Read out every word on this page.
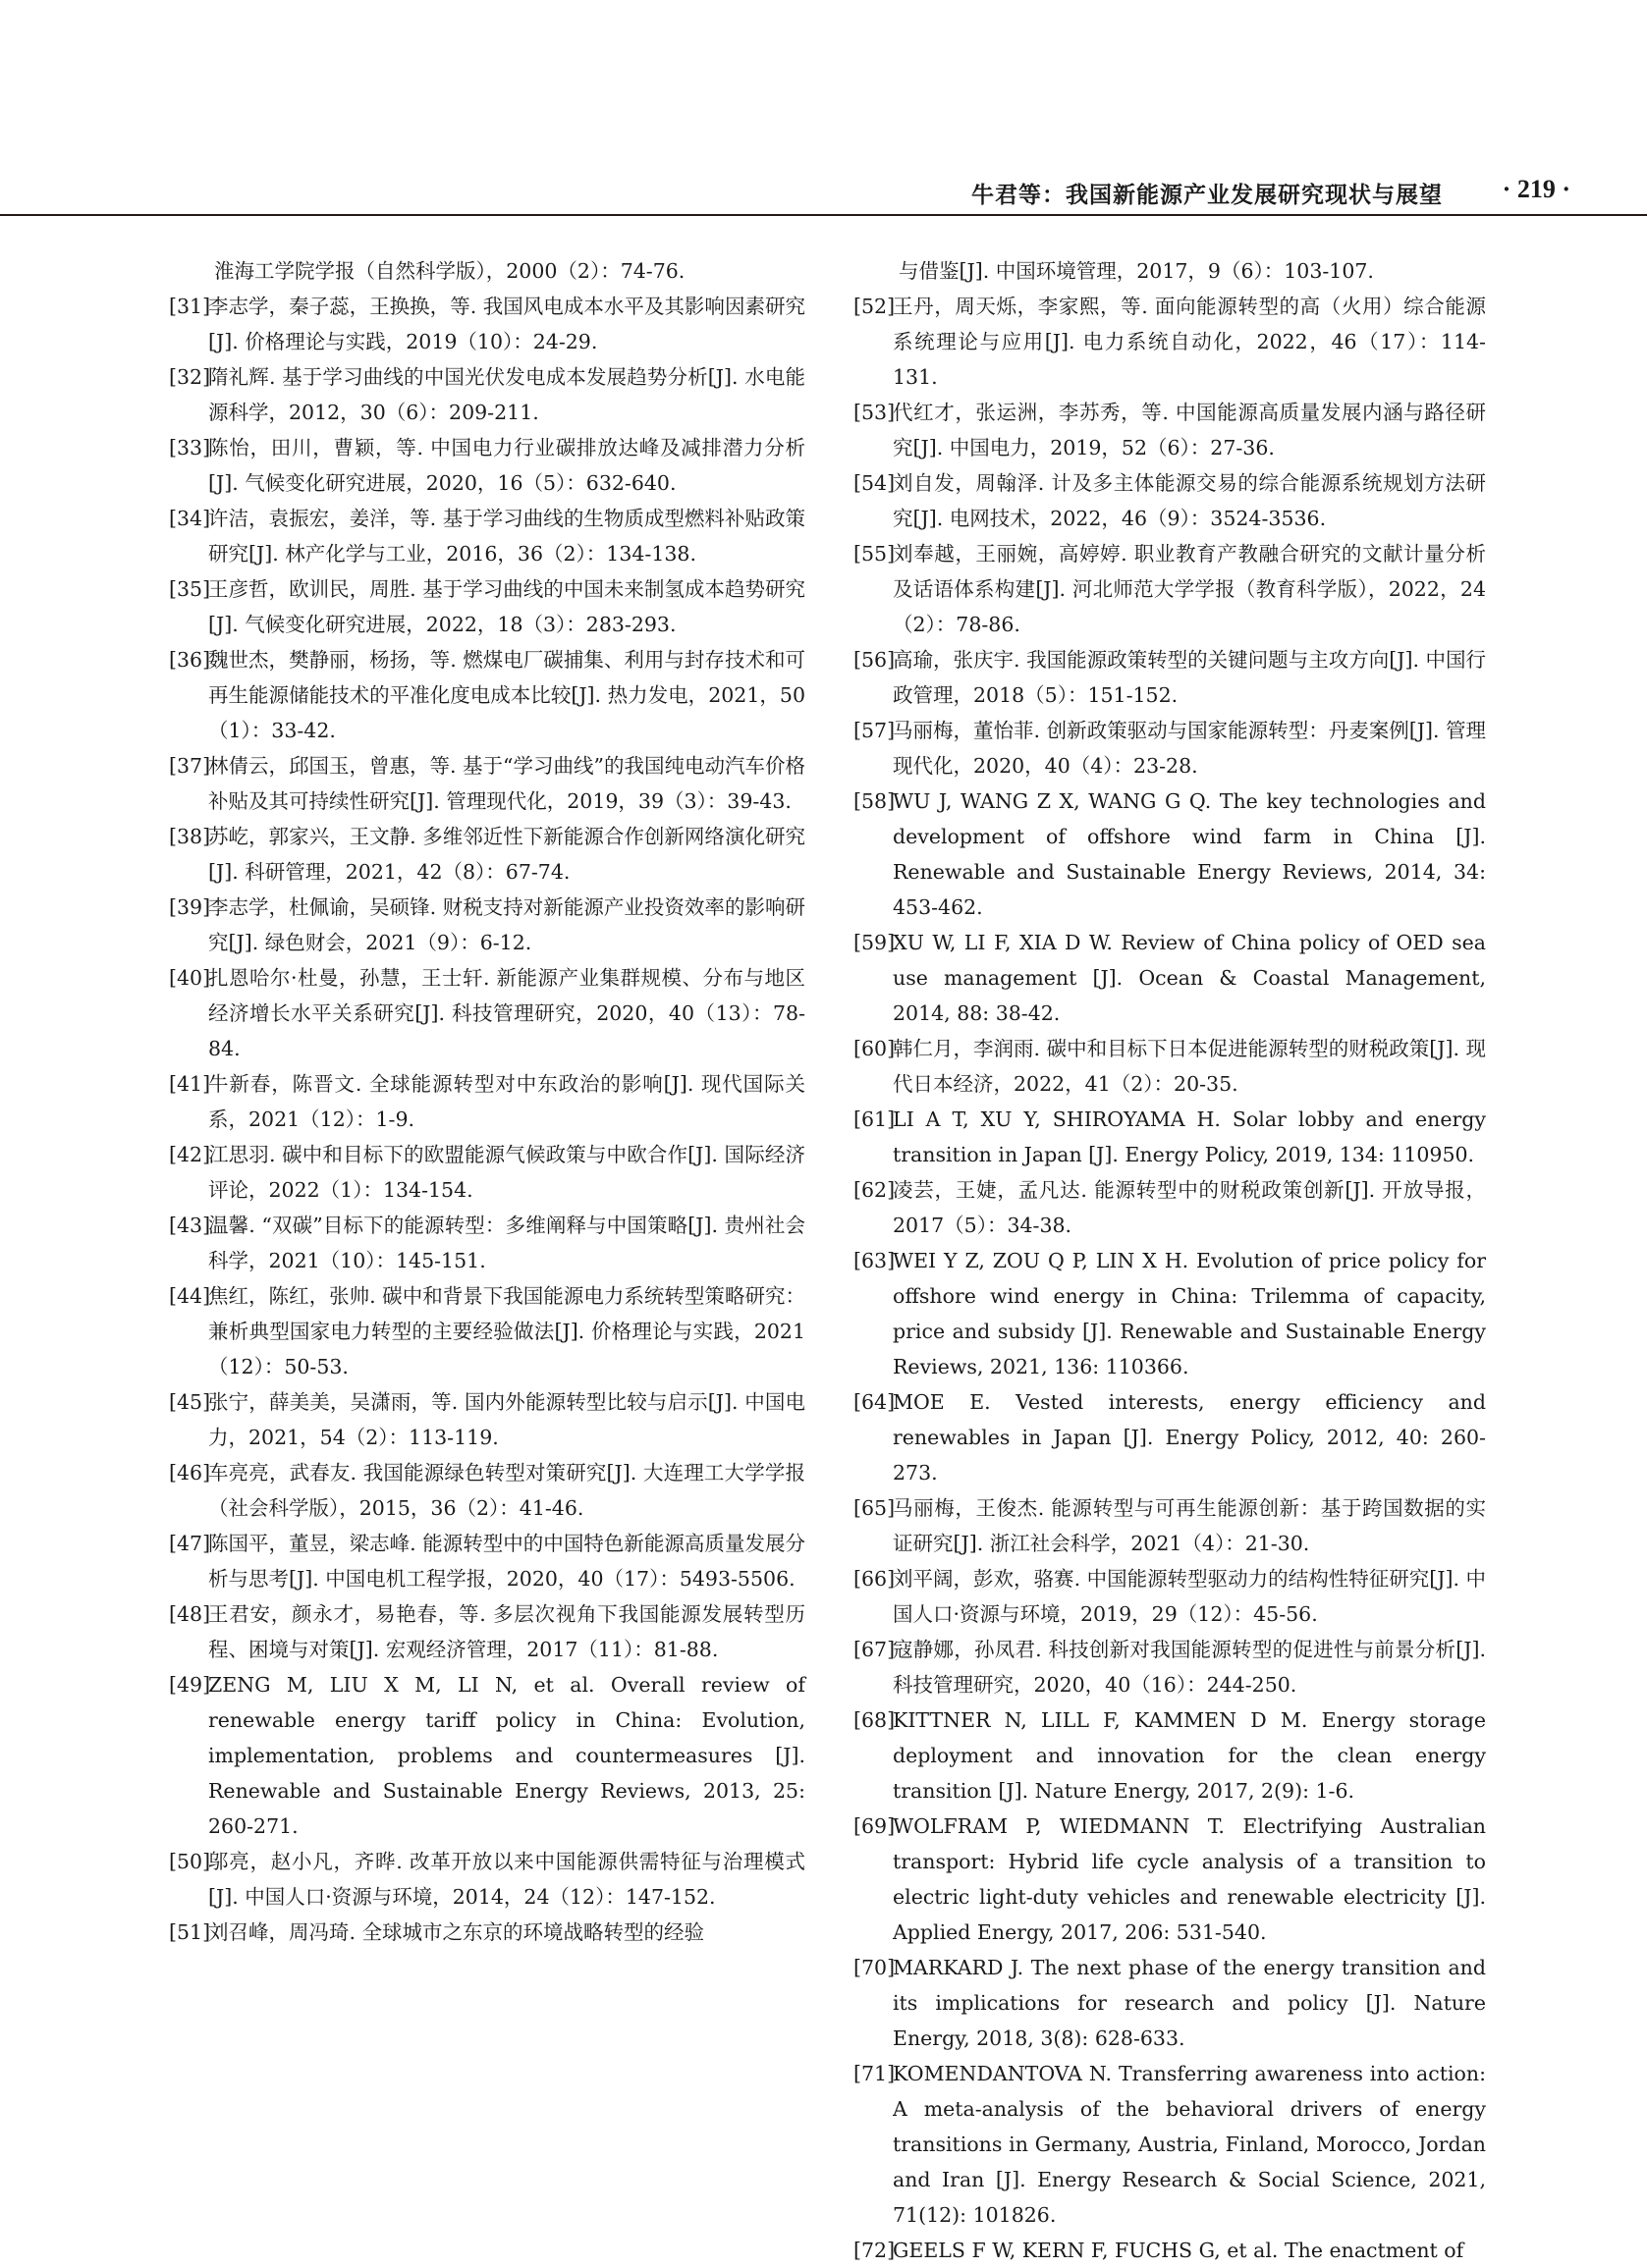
牛君等：我国新能源产业发展研究现状与展望 · 219 ·
淮海工学院学报（自然科学版），2000（2）：74-76.
[31]
李志学，秦子蕊，王换换，等. 我国风电成本水平及其影响因素研究[J]. 价格理论与实践，2019（10）：24-29.
[32]
隋礼辉. 基于学习曲线的中国光伏发电成本发展趋势分析[J]. 水电能源科学，2012，30（6）：209-211.
[33]
陈怡，田川，曹颖，等. 中国电力行业碳排放达峰及减排潜力分析[J]. 气候变化研究进展，2020，16（5）：632-640.
[34]
许洁，袁振宏，姜洋，等. 基于学习曲线的生物质成型燃料补贴政策研究[J]. 林产化学与工业，2016，36（2）：134-138.
[35]
王彦哲，欧训民，周胜. 基于学习曲线的中国未来制氢成本趋势研究[J]. 气候变化研究进展，2022，18（3）：283-293.
[36]
魏世杰，樊静丽，杨扬，等. 燃煤电厂碳捕集、利用与封存技术和可再生能源储能技术的平准化度电成本比较[J]. 热力发电，2021，50（1）：33-42.
[37]
林倩云，邱国玉，曾惠，等. 基于“学习曲线”的我国纯电动汽车价格补贴及其可持续性研究[J]. 管理现代化，2019，39（3）：39-43.
[38]
苏屹，郭家兴，王文静. 多维邻近性下新能源合作创新网络演化研究[J]. 科研管理，2021，42（8）：67-74.
[39]
李志学，杜佩谕，吴硕锋. 财税支持对新能源产业投资效率的影响研究[J]. 绿色财会，2021（9）：6-12.
[40]
扎恩哈尔·杜曼，孙慧，王士轩. 新能源产业集群规模、分布与地区经济增长水平关系研究[J]. 科技管理研究，2020，40（13）：78-84.
[41]
牛新春，陈晋文. 全球能源转型对中东政治的影响[J]. 现代国际关系，2021（12）：1-9.
[42]
江思羽. 碳中和目标下的欧盟能源气候政策与中欧合作[J]. 国际经济评论，2022（1）：134-154.
[43]
温馨. “双碳”目标下的能源转型：多维阐释与中国策略[J]. 贵州社会科学，2021（10）：145-151.
[44]
焦红，陈红，张帅. 碳中和背景下我国能源电力系统转型策略研究：兼析典型国家电力转型的主要经验做法[J]. 价格理论与实践，2021（12）：50-53.
[45]
张宁，薛美美，吴潇雨，等. 国内外能源转型比较与启示[J]. 中国电力，2021，54（2）：113-119.
[46]
车亮亮，武春友. 我国能源绿色转型对策研究[J]. 大连理工大学学报（社会科学版），2015，36（2）：41-46.
[47]
陈国平，董昱，梁志峰. 能源转型中的中国特色新能源高质量发展分析与思考[J]. 中国电机工程学报，2020，40（17）：5493-5506.
[48]
王君安，颜永才，易艳春，等. 多层次视角下我国能源发展转型历程、困境与对策[J]. 宏观经济管理，2017（11）：81-88.
[49]
ZENG M, LIU X M, LI N, et al. Overall review of renewable energy tariff policy in China: Evolution, implementation, problems and countermeasures [J]. Renewable and Sustainable Energy Reviews, 2013, 25: 260-271.
[50]
邬亮，赵小凡，齐晔. 改革开放以来中国能源供需特征与治理模式[J]. 中国人口·资源与环境，2014，24（12）：147-152.
[51]
刘召峰，周冯琦. 全球城市之东京的环境战略转型的经验
与借鉴[J]. 中国环境管理，2017，9（6）：103-107.
[52]
王丹，周天烁，李家熙，等. 面向能源转型的高（火用）综合能源系统理论与应用[J]. 电力系统自动化，2022，46（17）：114-131.
[53]
代红才，张运洲，李苏秀，等. 中国能源高质量发展内涵与路径研究[J]. 中国电力，2019，52（6）：27-36.
[54]
刘自发，周翰泽. 计及多主体能源交易的综合能源系统规划方法研究[J]. 电网技术，2022，46（9）：3524-3536.
[55]
刘奉越，王丽婉，高婷婷. 职业教育产教融合研究的文献计量分析及话语体系构建[J]. 河北师范大学学报（教育科学版），2022，24（2）：78-86.
[56]
高瑜，张庆宇. 我国能源政策转型的关键问题与主攻方向[J]. 中国行政管理，2018（5）：151-152.
[57]
马丽梅，董怡菲. 创新政策驱动与国家能源转型：丹麦案例[J]. 管理现代化，2020，40（4）：23-28.
[58]
WU J, WANG Z X, WANG G Q. The key technologies and development of offshore wind farm in China [J]. Renewable and Sustainable Energy Reviews, 2014, 34: 453-462.
[59]
XU W, LI F, XIA D W. Review of China policy of OED sea use management [J]. Ocean & Coastal Management, 2014, 88: 38-42.
[60]
韩仁月，李润雨. 碳中和目标下日本促进能源转型的财税政策[J]. 现代日本经济，2022，41（2）：20-35.
[61]
LI A T, XU Y, SHIROYAMA H. Solar lobby and energy transition in Japan [J]. Energy Policy, 2019, 134: 110950.
[62]
凌芸，王婕，孟凡达. 能源转型中的财税政策创新[J]. 开放导报，2017（5）：34-38.
[63]
WEI Y Z, ZOU Q P, LIN X H. Evolution of price policy for offshore wind energy in China: Trilemma of capacity, price and subsidy [J]. Renewable and Sustainable Energy Reviews, 2021, 136: 110366.
[64]
MOE E. Vested interests, energy efficiency and renewables in Japan [J]. Energy Policy, 2012, 40: 260-273.
[65]
马丽梅，王俊杰. 能源转型与可再生能源创新：基于跨国数据的实证研究[J]. 浙江社会科学，2021（4）：21-30.
[66]
刘平阔，彭欢，骆赛. 中国能源转型驱动力的结构性特征研究[J]. 中国人口·资源与环境，2019，29（12）：45-56.
[67]
寇静娜，孙凤君. 科技创新对我国能源转型的促进性与前景分析[J]. 科技管理研究，2020，40（16）：244-250.
[68]
KITTNER N, LILL F, KAMMEN D M. Energy storage deployment and innovation for the clean energy transition [J]. Nature Energy, 2017, 2(9): 1-6.
[69]
WOLFRAM P, WIEDMANN T. Electrifying Australian transport: Hybrid life cycle analysis of a transition to electric light-duty vehicles and renewable electricity [J]. Applied Energy, 2017, 206: 531-540.
[70]
MARKARD J. The next phase of the energy transition and its implications for research and policy [J]. Nature Energy, 2018, 3(8): 628-633.
[71]
KOMENDANTOVA N. Transferring awareness into action: A meta-analysis of the behavioral drivers of energy transitions in Germany, Austria, Finland, Morocco, Jordan and Iran [J]. Energy Research & Social Science, 2021, 71(12): 101826.
[72]
GEELS F W, KERN F, FUCHS G, et al. The enactment of
